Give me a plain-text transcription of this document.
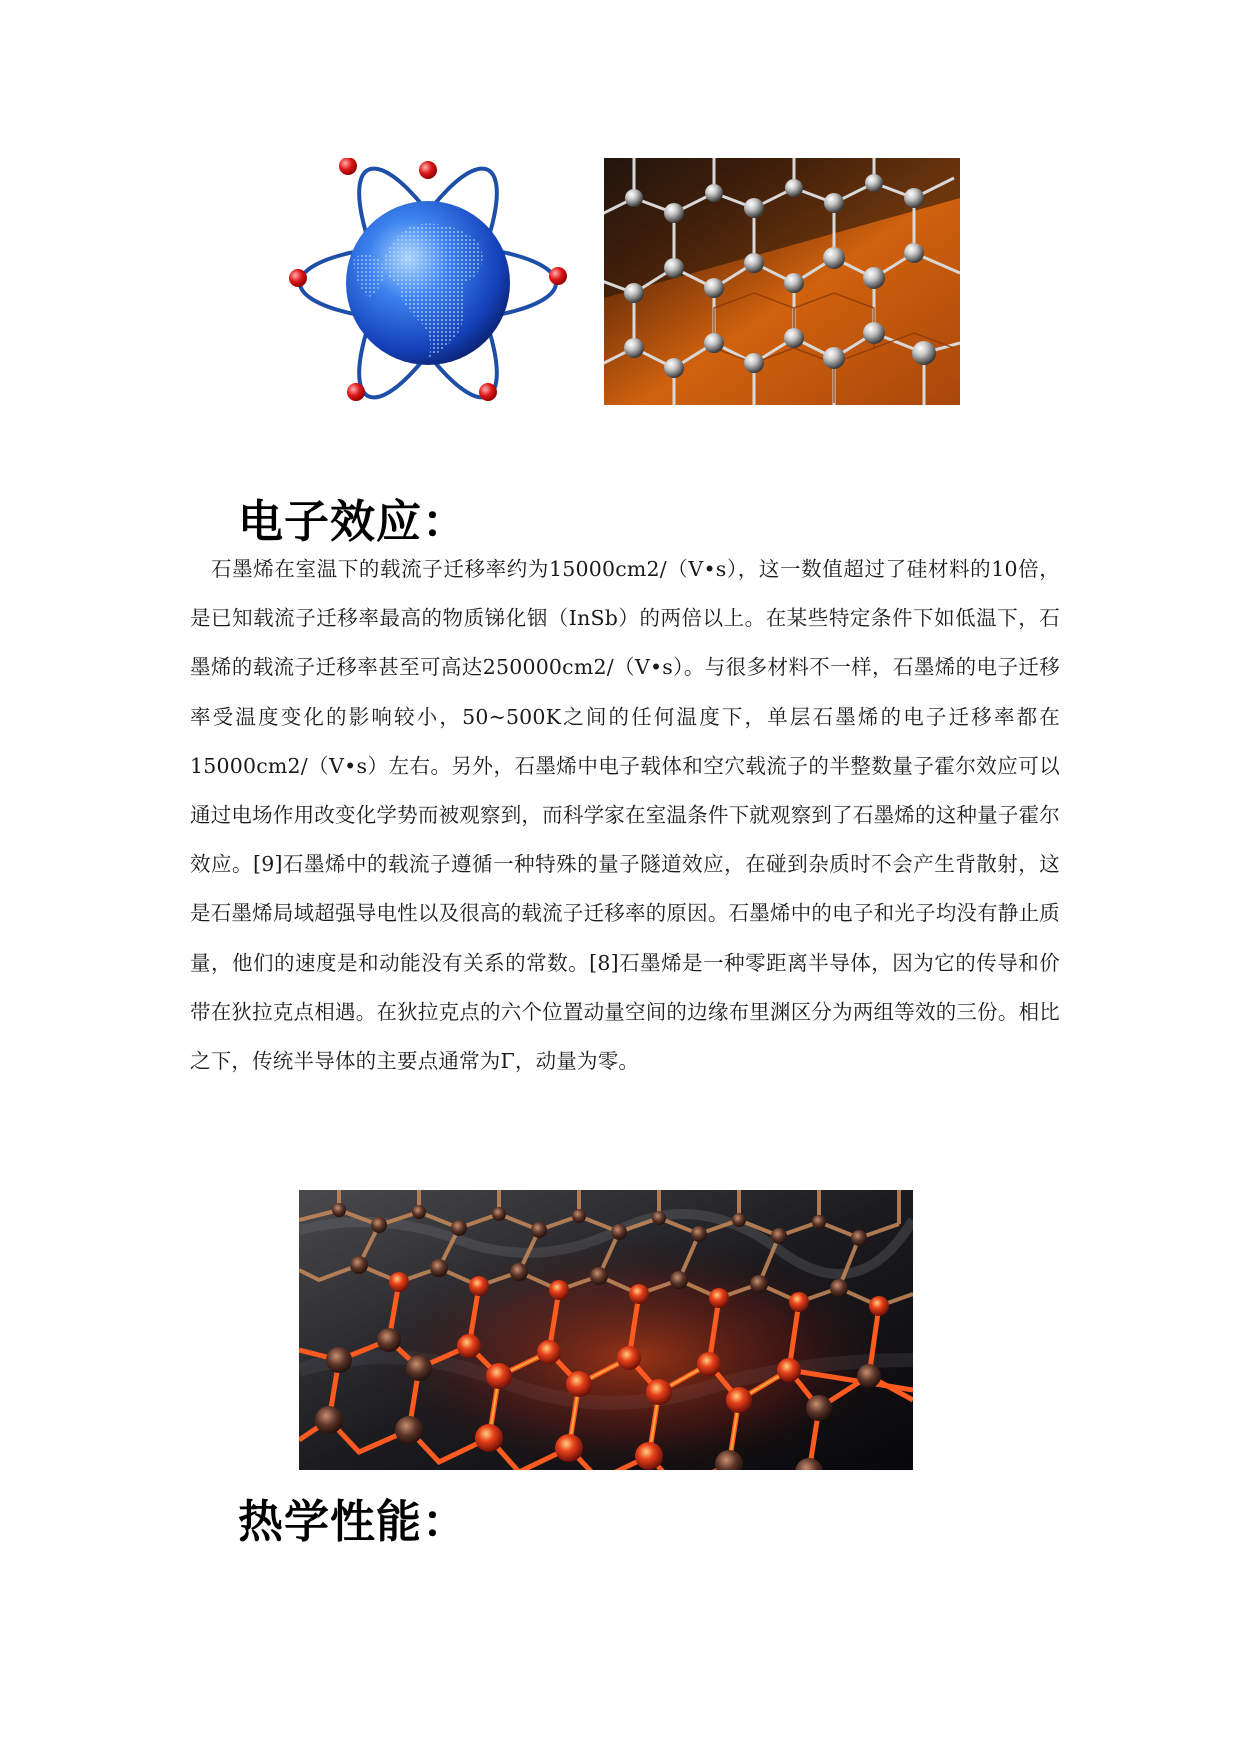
电子效应：

石墨烯在室温下的载流子迁移率约为15000cm2/（V•s），这一数值超过了硅材料的10倍，是已知载流子迁移率最高的物质锑化铟（InSb）的两倍以上。在某些特定条件下如低温下，石墨烯的载流子迁移率甚至可高达250000cm2/（V•s）。与很多材料不一样，石墨烯的电子迁移率受温度变化的影响较小，50~500K之间的任何温度下，单层石墨烯的电子迁移率都在15000cm2/（V•s）左右。另外，石墨烯中电子载体和空穴载流子的半整数量子霍尔效应可以通过电场作用改变化学势而被观察到，而科学家在室温条件下就观察到了石墨烯的这种量子霍尔效应。[9]石墨烯中的载流子遵循一种特殊的量子隧道效应，在碰到杂质时不会产生背散射，这是石墨烯局域超强导电性以及很高的载流子迁移率的原因。石墨烯中的电子和光子均没有静止质量，他们的速度是和动能没有关系的常数。[8]石墨烯是一种零距离半导体，因为它的传导和价带在狄拉克点相遇。在狄拉克点的六个位置动量空间的边缘布里渊区分为两组等效的三份。相比之下，传统半导体的主要点通常为Γ，动量为零。

热学性能：
